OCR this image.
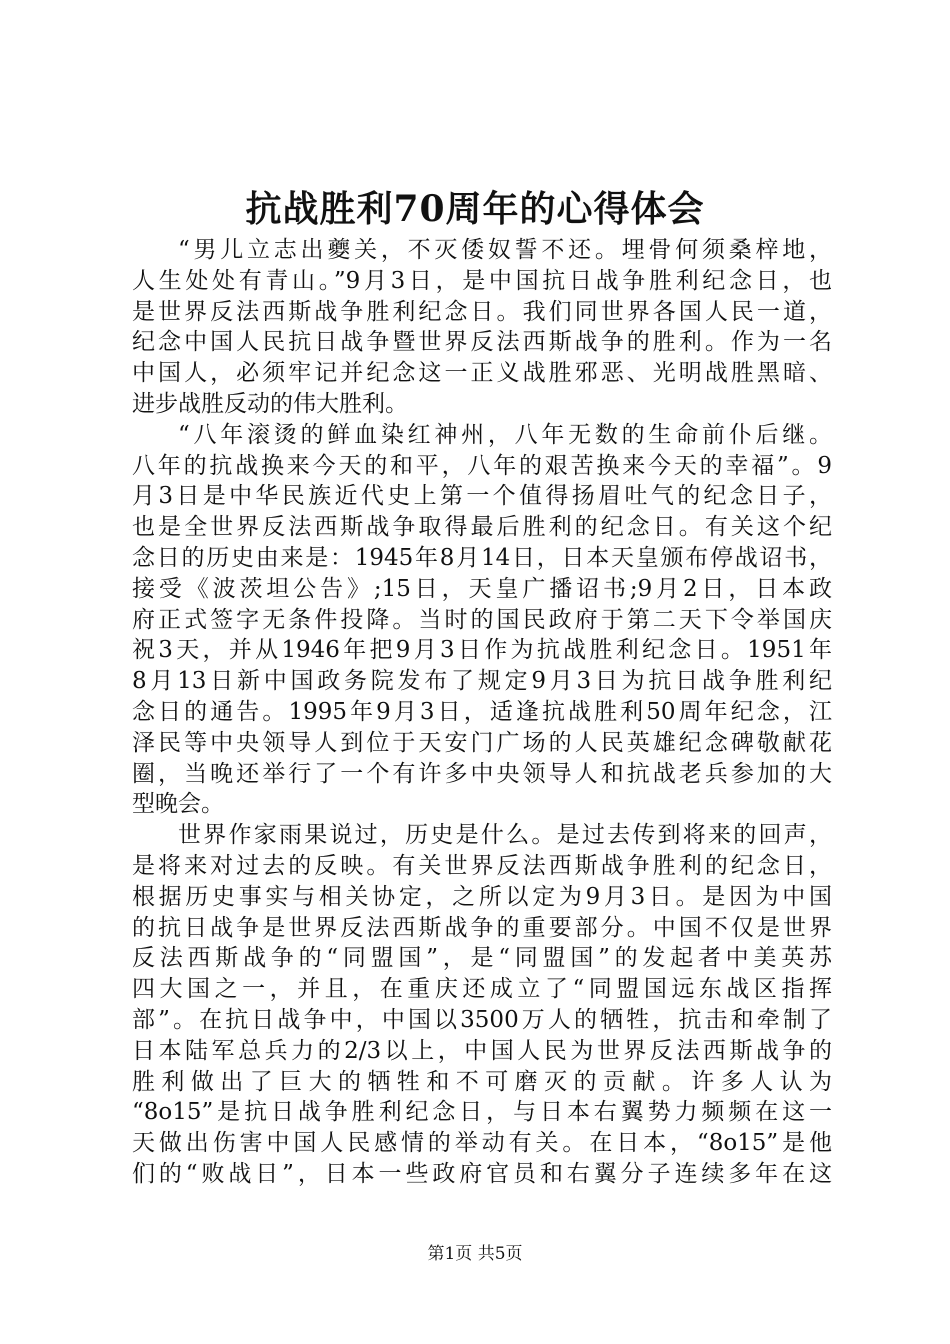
抗战胜利70周年的心得体会
“男儿立志出夔关，不灭倭奴誓不还。埋骨何须桑梓地，
人生处处有青山。”9月3日，是中国抗日战争胜利纪念日，也
是世界反法西斯战争胜利纪念日。我们同世界各国人民一道，
纪念中国人民抗日战争暨世界反法西斯战争的胜利。作为一名
中国人，必须牢记并纪念这一正义战胜邪恶、光明战胜黑暗、
进步战胜反动的伟大胜利。
“八年滚烫的鲜血染红神州，八年无数的生命前仆后继。
八年的抗战换来今天的和平，八年的艰苦换来今天的幸福”。9
月3日是中华民族近代史上第一个值得扬眉吐气的纪念日子，
也是全世界反法西斯战争取得最后胜利的纪念日。有关这个纪
念日的历史由来是：1945年8月14日，日本天皇颁布停战诏书，
接受《波茨坦公告》;15日，天皇广播诏书;9月2日，日本政
府正式签字无条件投降。当时的国民政府于第二天下令举国庆
祝3天，并从1946年把9月3日作为抗战胜利纪念日。1951年
8月13日新中国政务院发布了规定9月3日为抗日战争胜利纪
念日的通告。1995年9月3日，适逢抗战胜利50周年纪念，江
泽民等中央领导人到位于天安门广场的人民英雄纪念碑敬献花
圈，当晚还举行了一个有许多中央领导人和抗战老兵参加的大
型晚会。
世界作家雨果说过，历史是什么。是过去传到将来的回声，
是将来对过去的反映。有关世界反法西斯战争胜利的纪念日，
根据历史事实与相关协定，之所以定为9月3日。是因为中国
的抗日战争是世界反法西斯战争的重要部分。中国不仅是世界
反法西斯战争的“同盟国”，是“同盟国”的发起者中美英苏
四大国之一，并且，在重庆还成立了“同盟国远东战区指挥
部”。在抗日战争中，中国以3500万人的牺牲，抗击和牵制了
日本陆军总兵力的2/3以上，中国人民为世界反法西斯战争的
胜利做出了巨大的牺牲和不可磨灭的贡献。许多人认为
“8o15”是抗日战争胜利纪念日，与日本右翼势力频频在这一
天做出伤害中国人民感情的举动有关。在日本，“8o15”是他
们的“败战日”，日本一些政府官员和右翼分子连续多年在这
第1页 共5页
